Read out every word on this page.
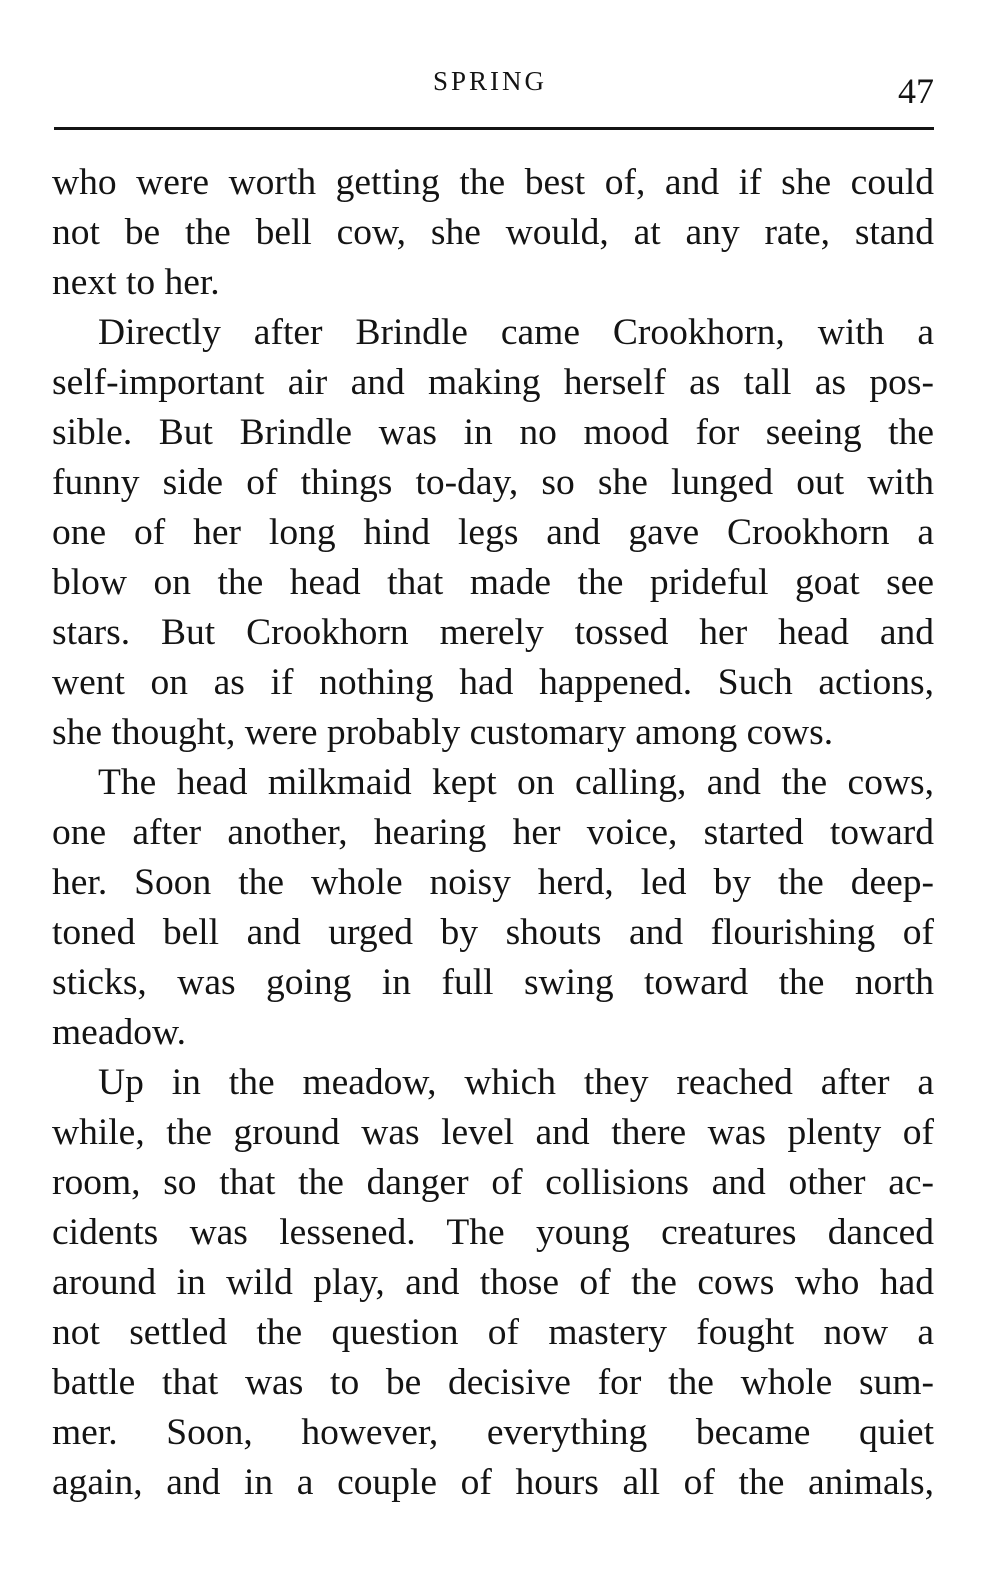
SPRING	47
who were worth getting the best of, and if she could
not be the bell cow, she would, at any rate, stand
next to her.
Directly after Brindle came Crookhorn, with a
self-important air and making herself as tall as pos-
sible. But Brindle was in no mood for seeing the
funny side of things to-day, so she lunged out with
one of her long hind legs and gave Crookhorn a
blow on the head that made the prideful goat see
stars. But Crookhorn merely tossed her head and
went on as if nothing had happened. Such actions,
she thought, were probably customary among cows.
The head milkmaid kept on calling, and the cows,
one after another, hearing her voice, started toward
her. Soon the whole noisy herd, led by the deep-
toned bell and urged by shouts and flourishing of
sticks, was going in full swing toward the north
meadow.
Up in the meadow, which they reached after a
while, the ground was level and there was plenty of
room, so that the danger of collisions and other ac-
cidents was lessened. The young creatures danced
around in wild play, and those of the cows who had
not settled the question of mastery fought now a
battle that was to be decisive for the whole sum-
mer. Soon, however, everything became quiet
again, and in a couple of hours all of the animals,
